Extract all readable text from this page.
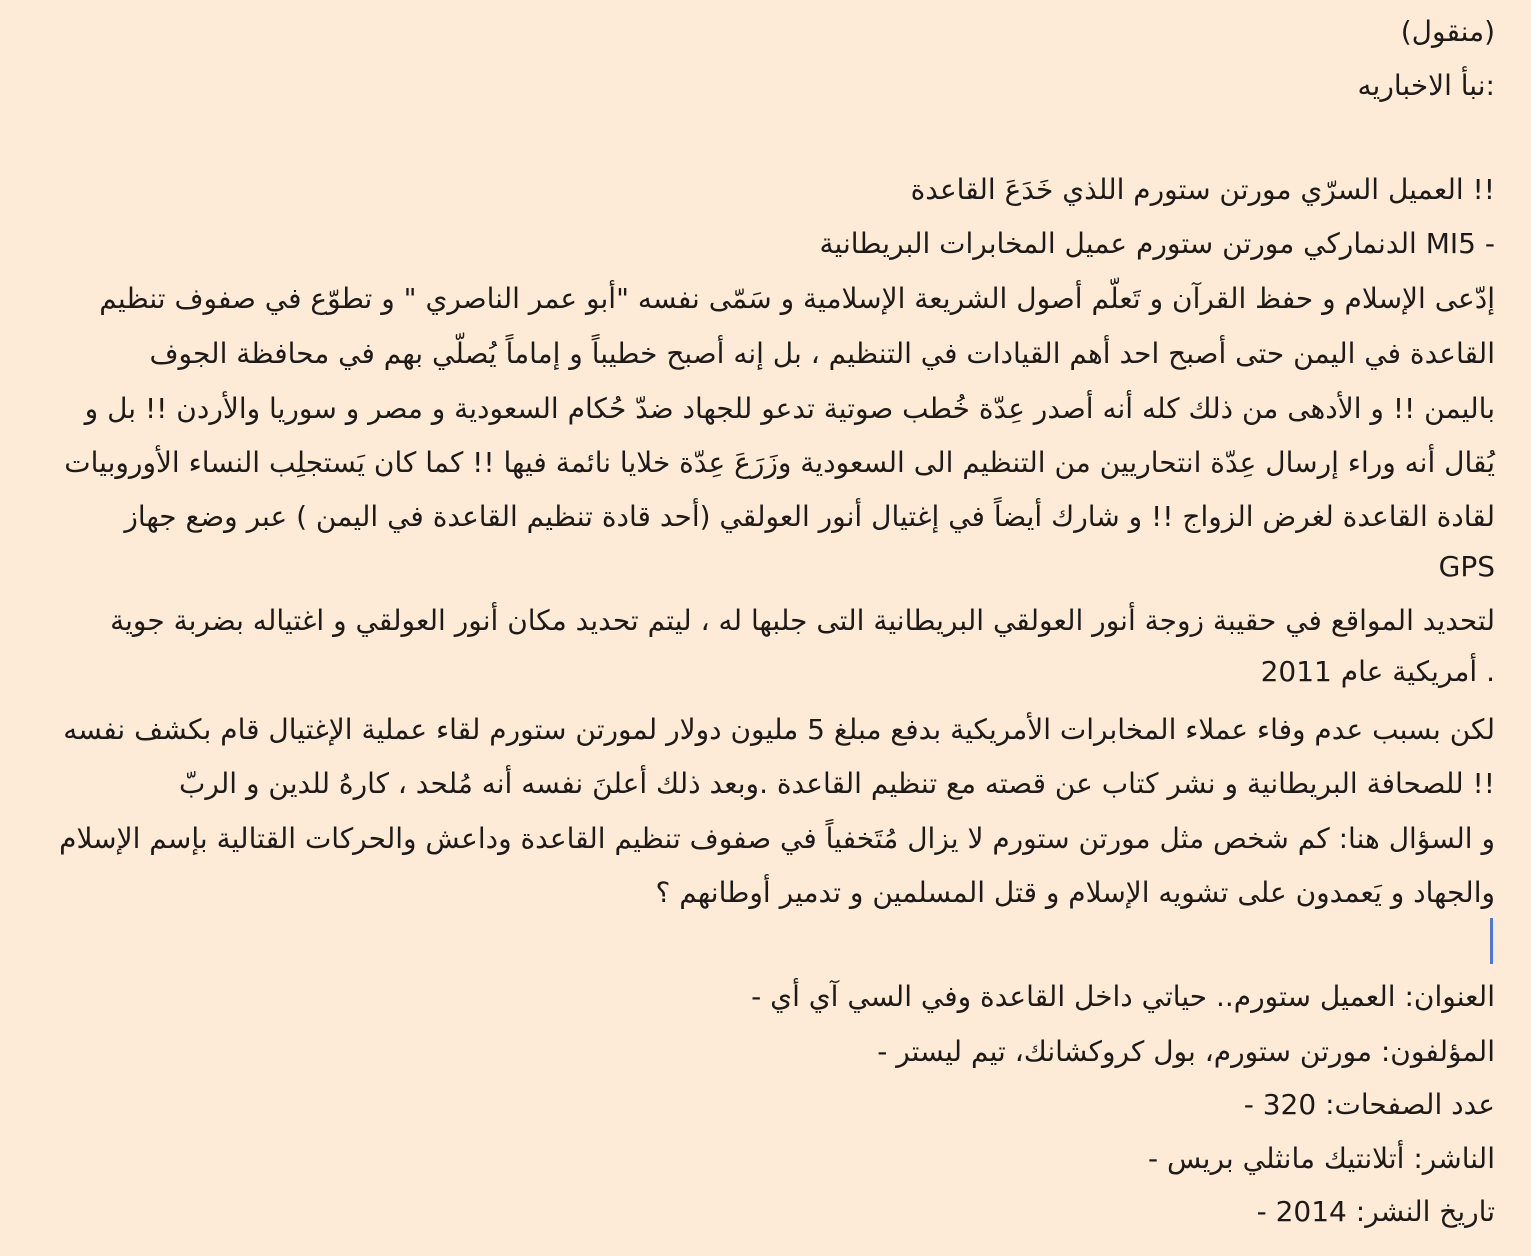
(منقول)
:نبأ الاخباريه
!! العميل السرّي مورتن ستورم اللذي خَدَعَ القاعدة
- MI5 الدنماركي مورتن ستورم عميل المخابرات البريطانية
إدّعى الإسلام و حفظ القرآن و تَعلّم أصول الشريعة الإسلامية و سَمّى نفسه "أبو عمر الناصري " و تطوّع في صفوف تنظيم
القاعدة في اليمن حتى أصبح احد أهم القيادات في التنظيم ، بل إنه أصبح خطيباً و إماماً يُصلّي بهم في محافظة الجوف
باليمن !! و الأدهى من ذلك كله أنه أصدر عِدّة خُطب صوتية تدعو للجهاد ضدّ حُكام السعودية و مصر و سوريا والأردن !! بل و
يُقال أنه وراء إرسال عِدّة انتحاريين من التنظيم الى السعودية وزَرَعَ عِدّة خلايا نائمة فيها !! كما كان يَستجلِب النساء الأوروبيات
لقادة القاعدة لغرض الزواج !! و شارك أيضاً في إغتيال أنور العولقي (أحد قادة تنظيم القاعدة في اليمن ) عبر وضع جهاز
GPS
لتحديد المواقع في حقيبة زوجة أنور العولقي البريطانية التى جلبها له ، ليتم تحديد مكان أنور العولقي و اغتياله بضربة جوية
. أمريكية عام 2011
لكن بسبب عدم وفاء عملاء المخابرات الأمريكية بدفع مبلغ 5 مليون دولار لمورتن ستورم لقاء عملية الإغتيال قام بكشف نفسه
!! للصحافة البريطانية و نشر كتاب عن قصته مع تنظيم القاعدة .وبعد ذلك أعلنَ نفسه أنه مُلحد ، كارهُ للدين و الربّ
و السؤال هنا: كم شخص مثل مورتن ستورم لا يزال مُتَخفياً في صفوف تنظيم القاعدة وداعش والحركات القتالية بإسم الإسلام
والجهاد و يَعمدون على تشويه الإسلام و قتل المسلمين و تدمير أوطانهم ؟
العنوان: العميل ستورم.. حياتي داخل القاعدة وفي السي آي أي -
المؤلفون: مورتن ستورم، بول كروكشانك، تيم ليستر -
عدد الصفحات: 320 -
الناشر: أتلانتيك مانثلي بريس -
تاريخ النشر: 2014 -
